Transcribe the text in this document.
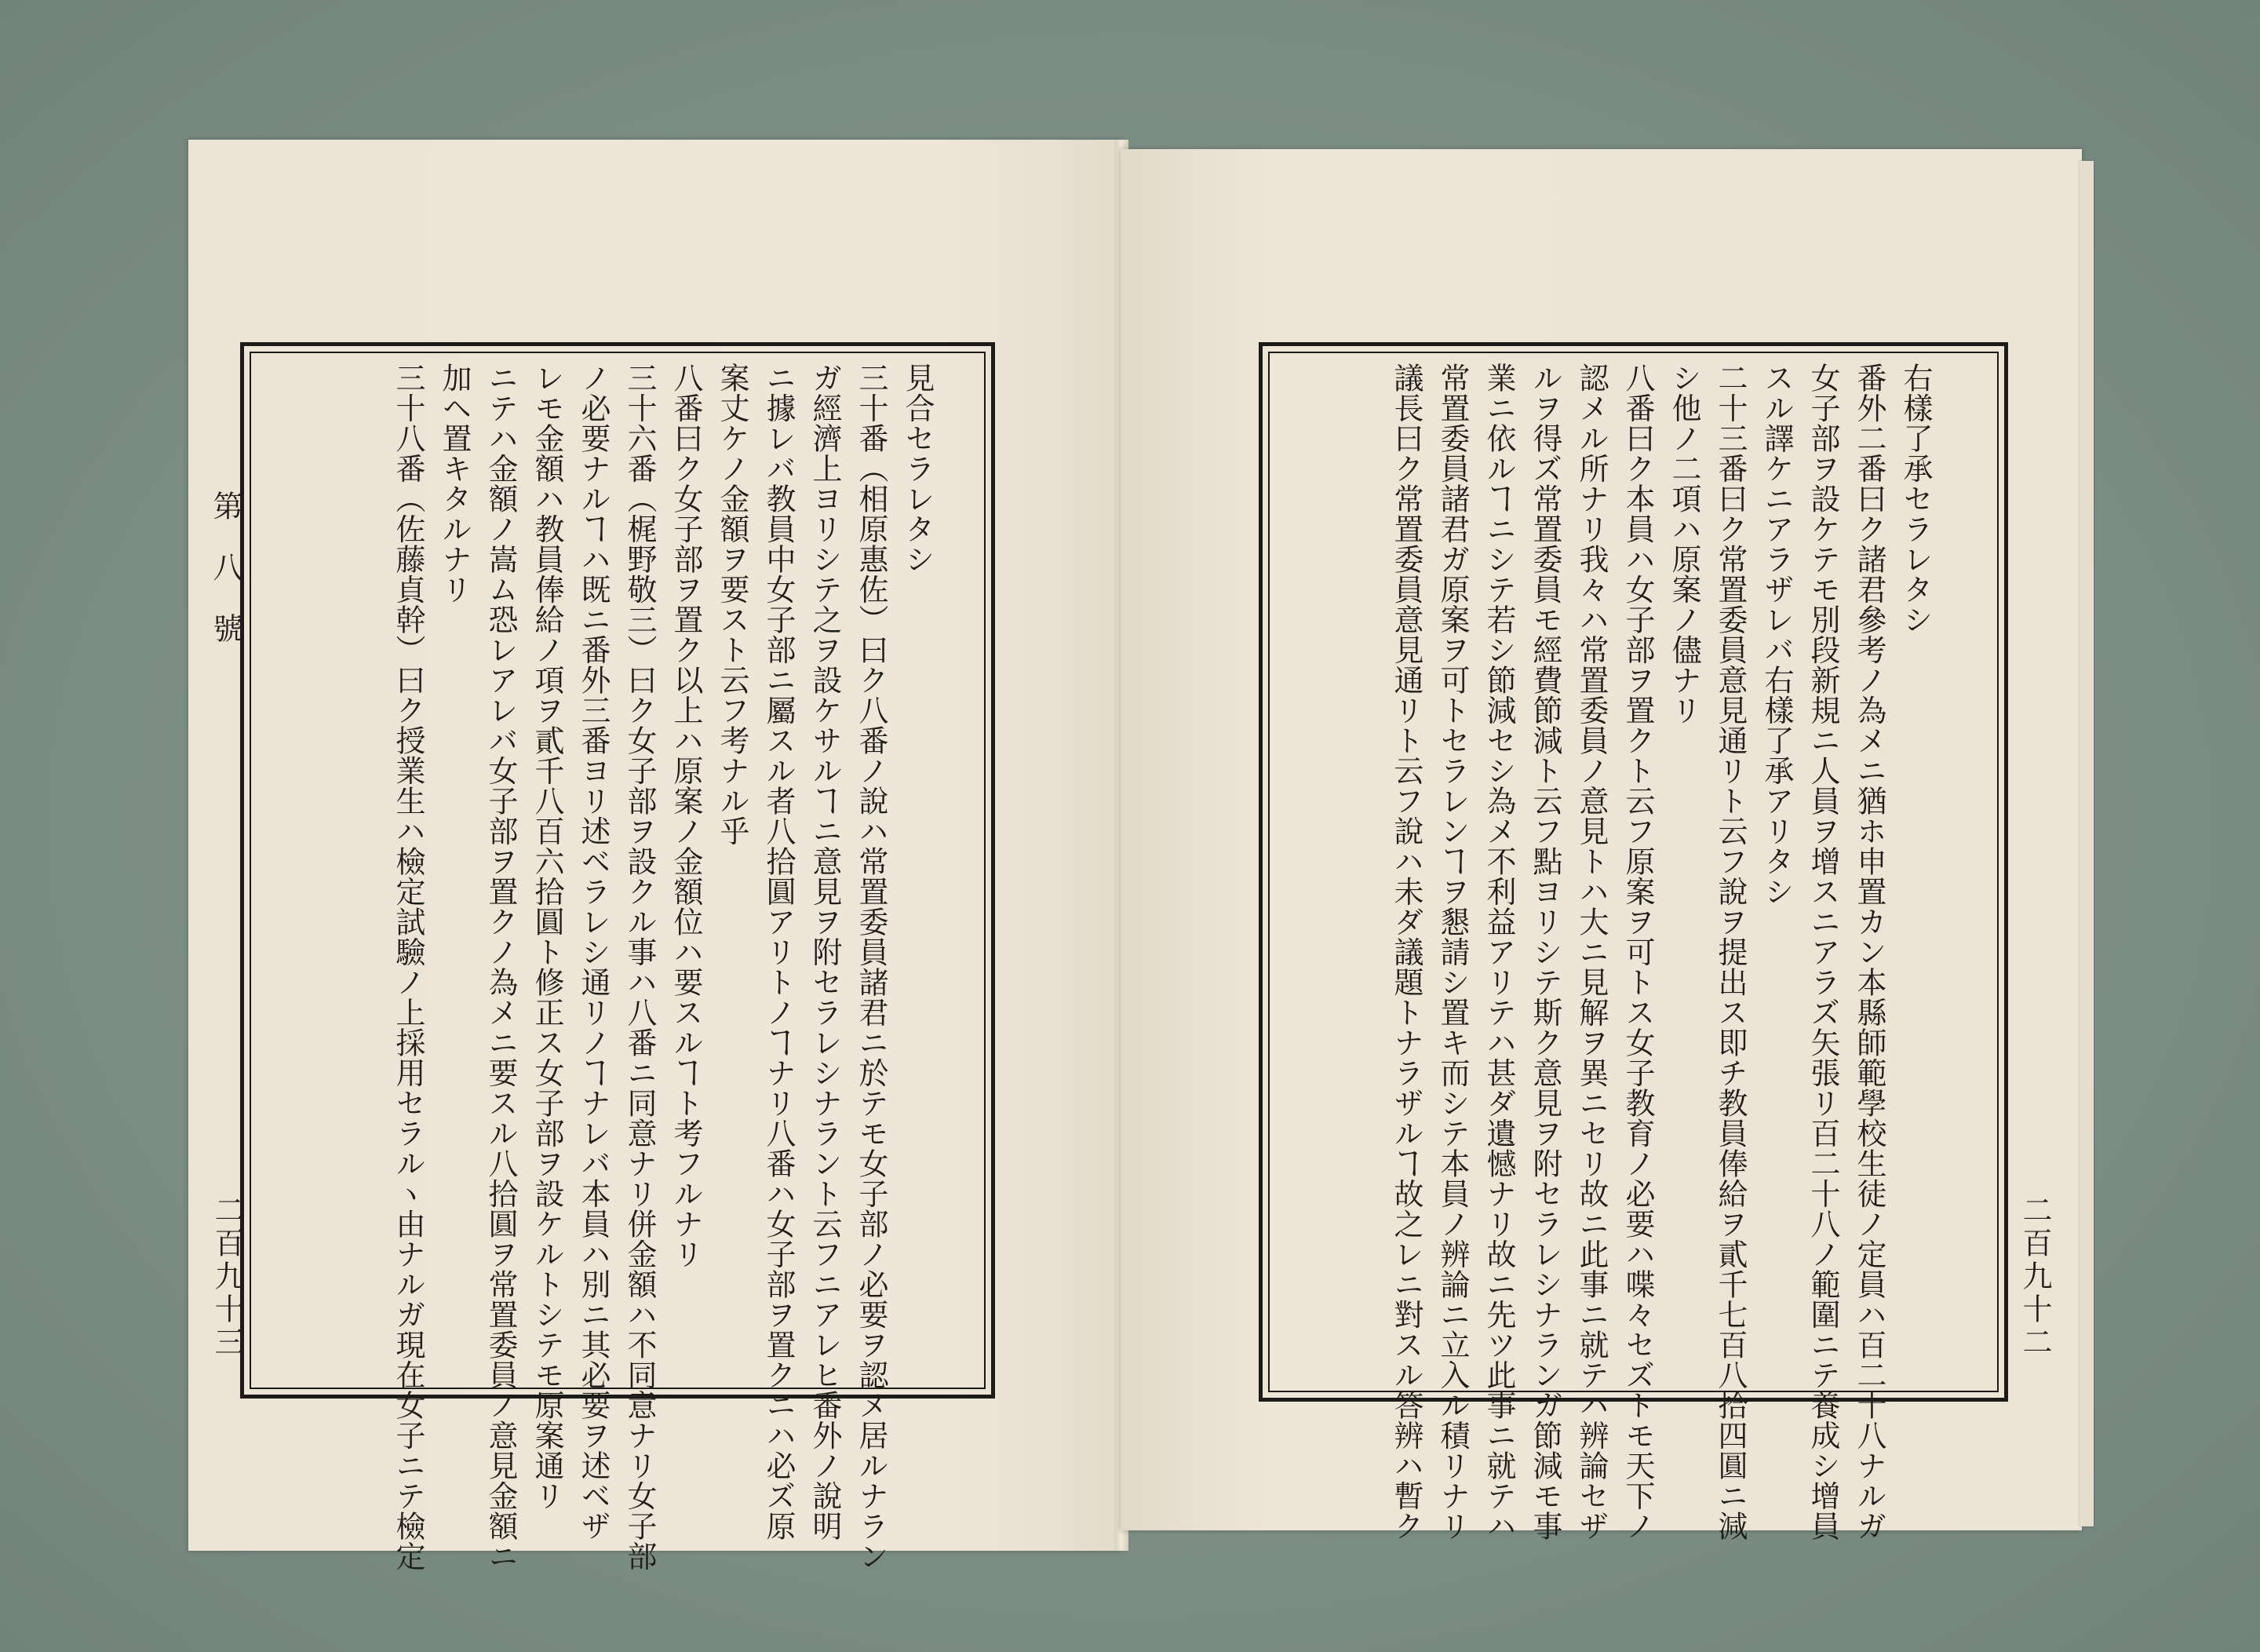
第八號
二百九十三	二百九十二
見合セラレタシ
三十番（相原惠佐）曰ク八番ノ說ハ常置委員諸君ニ於テモ女子部ノ必要ヲ認メ居ルナラン
ガ經濟上ヨリシテ之ヲ設ケサルヿニ意見ヲ附セラレシナラント云フニアレヒ番外ノ說明
ニ據レバ教員中女子部ニ屬スル者八拾圓アリトノヿナリ八番ハ女子部ヲ置クニハ必ズ原
案丈ケノ金額ヲ要スト云フ考ナル乎
八番曰ク女子部ヲ置ク以上ハ原案ノ金額位ハ要スルヿト考フルナリ
三十六番（梶野敬三）曰ク女子部ヲ設クル事ハ八番ニ同意ナリ併金額ハ不同意ナリ女子部
ノ必要ナルヿハ既ニ番外三番ヨリ述ベラレシ通リノヿナレバ本員ハ別ニ其必要ヲ述ベザ
レモ金額ハ教員俸給ノ項ヲ貳千八百六拾圓ト修正ス女子部ヲ設ケルトシテモ原案通リ
ニテハ金額ノ嵩ム恐レアレバ女子部ヲ置クノ為メニ要スル八拾圓ヲ常置委員ノ意見金額ニ
加ヘ置キタルナリ
三十八番（佐藤貞幹）曰ク授業生ハ檢定試驗ノ上採用セラルヽ由ナルガ現在女子ニテ檢定	右樣了承セラレタシ
番外二番曰ク諸君參考ノ為メニ猶ホ申置カン本縣師範學校生徒ノ定員ハ百二十八ナルガ
女子部ヲ設ケテモ別段新規ニ人員ヲ增スニアラズ矢張リ百二十八ノ範圍ニテ養成シ增員
スル譯ケニアラザレバ右樣了承アリタシ
二十三番曰ク常置委員意見通リト云フ說ヲ提出ス即チ教員俸給ヲ貳千七百八拾四圓ニ減
シ他ノ二項ハ原案ノ儘ナリ
八番曰ク本員ハ女子部ヲ置クト云フ原案ヲ可トス女子教育ノ必要ハ喋々セズトモ天下ノ
認メル所ナリ我々ハ常置委員ノ意見トハ大ニ見解ヲ異ニセリ故ニ此事ニ就テハ辨論セザ
ルヲ得ズ常置委員モ經費節減ト云フ點ヨリシテ斯ク意見ヲ附セラレシナランガ節減モ事
業ニ依ルヿニシテ若シ節減セシ為メ不利益アリテハ甚ダ遺憾ナリ故ニ先ツ此事ニ就テハ
常置委員諸君ガ原案ヲ可トセラレンヿヲ懇請シ置キ而シテ本員ノ辨論ニ立入ル積リナリ
議長曰ク常置委員意見通リト云フ說ハ未ダ議題トナラザルヿ故之レニ對スル答辨ハ暫ク
